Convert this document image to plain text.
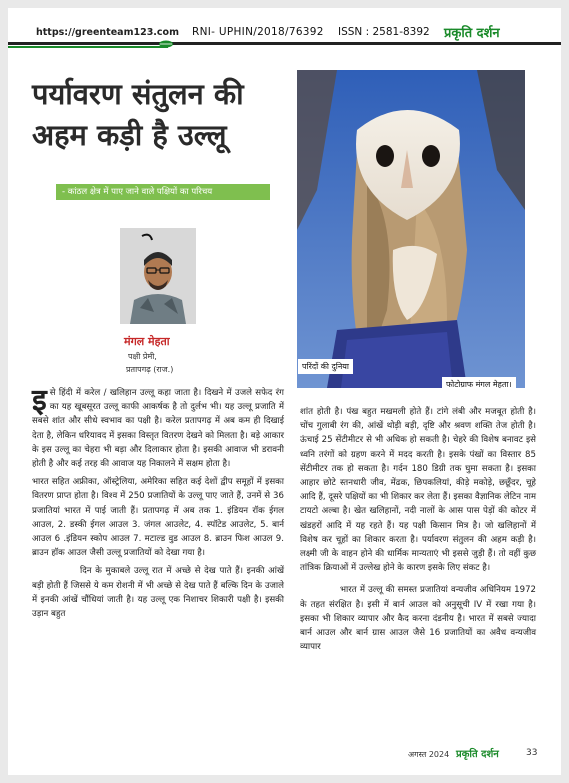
https://greenteam123.com RNI- UPHIN/2018/76392 ISSN : 2581-8392 प्रकृति दर्शन
पर्यावरण संतुलन की अहम कड़ी है उल्लू
- कांठल क्षेत्र में पाए जाने वाले पक्षियों का परिचय
मंगल मेहता
पक्षी प्रेमी,
प्रतापगढ़ (राज.)	परिंदों की दुनिया
फोटोग्राफ मंगल मेहता।
इ से हिंदी में करेल / खलिहान उल्लू कहा जाता है। दिखने में उजले सफेद रंग का यह खूबसूरत उल्लू काफी आकर्षक है तो दुर्लभ भी। यह उल्लू प्रजाति में सबसे शांत और सीधे स्वभाव का पक्षी है। करेल प्रतापगढ़ में अब कम ही दिखाई देता है, लेकिन धरियावद में इसका विस्तृत वितरण देखने को मिलता है। बड़े आकार के इस उल्लू का चेहरा भी बड़ा और दिलाकार होता है। इसकी आवाज भी डरावनी होती है और कई तरह की आवाज यह निकालने में सक्षम होता है।

भारत सहित अफ्रीका, ऑस्ट्रेलिया, अमेरिका सहित कई देशों द्वीप समूहों में इसका वितरण प्राप्त होता है। विश्व में 250 प्रजातियों के उल्लू पाए जाते हैं, उनमें से 36 प्रजातियां भारत में पाई जाती हैं। प्रतापगढ़ में अब तक 1. इंडियन रॉक ईगल आउल, 2. डस्की ईगल आउल 3. जंगल आउलेट, 4. स्पॉटेड आउलेट, 5. बार्न आउल 6 .इंडियन स्कोप आउल 7. मटाल्ड वुड आउल 8. ब्राउन फिश आउल 9. ब्राउन हॉक आउल जैसी उल्लू प्रजातियों को देखा गया है।

दिन के मुकाबले उल्लू रात में अच्छे से देख पाते हैं। इनकी आंखें बड़ी होती हैं जिससे ये कम रोशनी में भी अच्छे से देख पाते हैं बल्कि दिन के उजाले में इनकी आंखें चौंधियां जाती है। यह उल्लू एक निशाचर शिकारी पक्षी है। इसकी उड़ान बहुत

शांत होती है। पंख बहुत मखमली होते हैं। टांगे लंबी और मजबूत होती है। चोंच गुलाबी रंग की, आंखें थोड़ी बड़ी, दृष्टि और श्रवण शक्ति तेज होती है। ऊंचाई 25 सेंटीमीटर से भी अधिक हो सकती है। चेहरे की विशेष बनावट इसे ध्वनि तरंगों को ग्रहण करने में मदद करती है। इसके पंखों का विस्तार 85 सेंटीमीटर तक हो सकता है। गर्दन 180 डिग्री तक घुमा सकता है। इसका आहार छोटे स्तनधारी जीव, मेंढक, छिपकलियां, कीड़े मकोड़े, छछूँदर, चूहे आदि हैं, दूसरे पक्षियों का भी शिकार कर लेता हैं। इसका वैज्ञानिक लेटिन नाम टायटो अल्बा है। खेत खलिहानों, नदी नालों के आस पास पेड़ों की कोटर में खंडहरों आदि में यह रहते हैं। यह पक्षी किसान मित्र है। जो खलिहानों में विशेष कर चूहों का शिकार करता है। पर्यावरण संतुलन की अहम कड़ी है। लक्ष्मी जी के वाहन होने की धार्मिक मान्यताएं भी इससे जुड़ी हैं। तो वहीं कुछ तांत्रिक क्रियाओं में उल्लेख होने के कारण इसके लिए संकट है।

भारत में उल्लू की समस्त प्रजातियां वन्यजीव अधिनियम 1972 के तहत संरक्षित है। इसी में बार्न आउल को अनुसूची IV में रखा गया है। इसका भी शिकार व्यापार और कैद करना दंडनीय है। भारत में सबसे ज्यादा बार्न आउल और बार्न ग्रास आउल जैसे 16 प्रजातियों का अवैध वन्यजीव व्यापार

अगस्त 2024 प्रकृति दर्शन	33
